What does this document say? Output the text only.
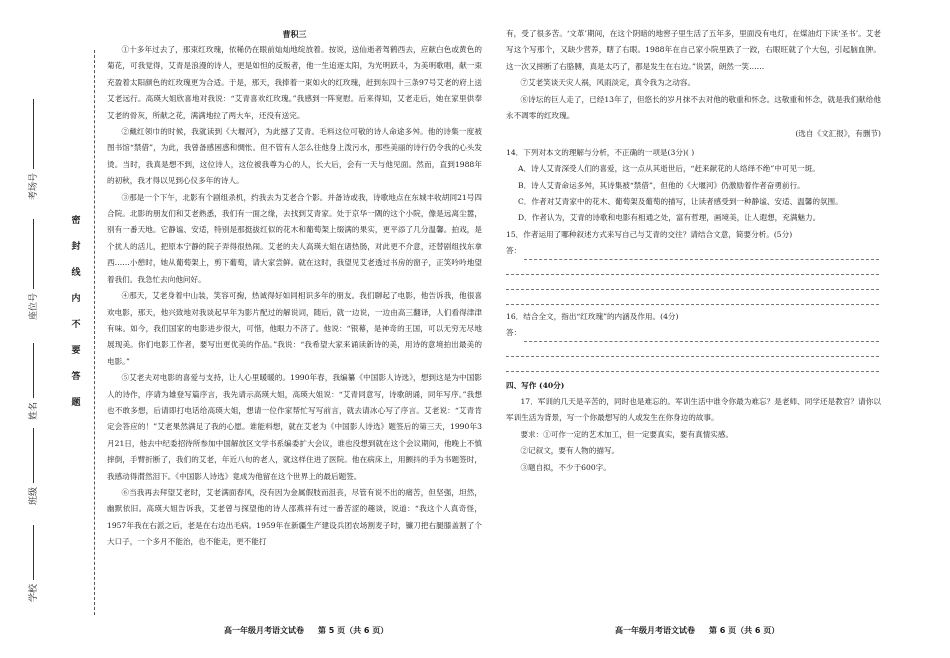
考场号
座位号
姓名
班级
学校
密
封
线
内
不
要
答
题
曹积三

①十多年过去了，那束红玫瑰，依稀仍在眼前灿灿地绽放着。按说，送仙逝者驾鹤西去，应献白色或黄色的菊花，可我觉得，艾青是浪漫的诗人，更是如怛的反叛者，他一生追逐太阳，为光明跃斗，为美明歌唱，献一束充盈着太阳颜色的红玫瑰更为合适。于是，那天，我捧着一束如火的红玫瑰，赶到东四十三条97号艾老的府上送艾老远行。高瑛大姐欣喜地对我说：“艾青喜欢红玫瑰。”我感到一阵宽慰。后来得知，艾老走后，她在家里供奉艾老的骨灰，所献之花，满满地拉了两大车，还没有送完。

②戴红领巾的时候，我就读到《大堰河》，为此撼了艾青。毛料这位可敬的诗人命途多舛。他的诗集一度被图书馆“禁借”，为此，我曾备感困惑和惆怅。但不管有人怎么往他身上泼污水，那些美丽的诗行仍令我的心头发烫。当时，我真是想不到，这位诗人，这位被我尊为心的人，长大后，会有一天与他见面。然而，直到1988年的初秋，我才得以见到心仪多年的诗人。

③那是一个下午，北影有个剧组杀机，约我去为艾老合个影。并备诗或我，诗歌地点在东城丰收胡同21号四合院。北影的朋友们和艾老熟悉，我们有一面之缘，去找到艾青家。处于京华一隅的这个小院，像是远离尘嚣，别有一番天地。它静谧、安适，特别是那挺拔红似的花木和葡萄架上缀满的果实，更平添了几分温馨。拍戏，是个扰人的活儿，把原本宁静的院子弄得很热闹。艾老的夫人高瑛大姐在诸热肠，对此更不介意，还替剧组找东拿西……小憩时，她从葡萄架上，剪下葡萄，请大家尝鲜。就在这时，我望见艾老透过书房的窗子，正笑吟吟地望着我们。我急忙去向他问好。

④那天，艾老身着中山装，笑容可掬，热诚得好如同相识多年的朋友。我们聊起了电影，他告诉我，他很喜欢电影，那天，他兴致地对我谈起早年为影片配过的解说词，随后，就一边说，一边由高三翻译，人们看得津津有味。如今，我们国家的电影进步很大，可惜，他眼力不济了。他说：“银幕，是神奇的王国，可以无穷无尽地展现美。你们电影工作者，要写出更优美的作品。”我说：“我希望大家来诵读新诗的美，用诗的意境拍出最美的电影。”

⑤艾老夫对电影的喜爱与支持，让人心里暖暖的。1990年春，我编纂《中国影人诗选》，想到这是为中国影人的诗作，序请为雄登写篇序言，我先请示高瑛大姐，高瑛大姐说：“艾青同意写，诗歌朗诵，同年写序。”我想也不敢多想，后请即打电话给高瑛大姐，想请一位作家帮忙写写前言，就去请冰心写了序言。艾老说：“艾青肯定会答应的！”艾老果然满足了我的心愿。谁能料想，就在艾老为《中国影人诗选》题签后的第三天，1990年3月21日，他去中纪委招待所参加中国解放区文学书系编委扩大会议，谁也没想到就在这个会议期间，他晚上不慎摔倒，手臂折断了，我们的艾老，年近八旬的老人，就这样住进了医院。他在病床上，用颤抖的手为书题签时，我感动得潸然泪下。《中国影人诗选》竟成为他留在这个世界上的最后题签。

⑥当我再去拜望艾老时，艾老满面春风，没有因为金属假肢而沮丧，尽管有说不出的痛苦，但坚强，坦然，幽默依旧。高瑛大姐告诉我，艾老曾与探望他的诗人邵燕祥有过一番苦涩的趣谈，说道：“我这个人真奇怪，1957年我在右派之后，老是在右边出毛病。1959年在新疆生产建设兵团农场割麦子时，镰刀把右腿膝盖割了个大口子，一个多月不能治，也不能走，更不能打

高一年级月考语文试卷 第 5 页（共 6 页）

有，受了很多苦。‘文革’期间，在这个阴暗的地窖子里生活了五年多，里面没有电灯，在煤油灯下读‘圣书’。艾老写这个写那个，又缺少营养，瞎了右眼。1988年在自己家小院里跌了一跤，右眼旺就了个大包，引起脑血肿。这一次又摔断了右胳膊，真是太巧了，都是发生在右边。”说罢，朗然一笑……

⑦艾老笑谈天灾人祸，风雨淡定，真令我为之动容。

⑧诗坛的巨人走了，已经13年了，但悠长的岁月抹不去对他的敬重和怀念。这敬重和怀念，就是我们献给他永不凋零的红玫瑰。

(选自《文汇报》，有删节)

14．下列对本文的理解与分析，不正确的一项是(3分)( )

A．诗人艾青深受人们的喜爱，这一点从其逝世后，“赶来献花的人络绎不绝”中可见一斑。

B．诗人艾青命运多舛，其诗集被“禁借”，但他的《大堰河》仍激励着作者奋勇前行。

C．作者对艾青家中的花木、葡萄架及葡萄的描写，让读者感受到一种静谧、安适、温馨的氛围。

D．作者认为，艾青的诗歌和电影有相通之处，富有哲理，画境美，让人遐想，充满魅力。

15．作者运用了哪种叙述方式来写自己与艾青的交往？请结合文意，简要分析。(5分)

答：

16．结合全文，指出“红玫瑰”的内涵及作用。(4分)

答：

四、写作 (40分)

17．军训的几天是辛苦的，同时也是难忘的。军训生活中谁令你最为难忘？是老师、同学还是教官？请你以军训生活为背景，写一个你最想写的人或发生在你身边的故事。

要求：①可作一定的艺术加工，但一定要真实，要有真情实感。

②记叙文，要有人物的描写。

③题自拟，不少于600字。

高一年级月考语文试卷 第 6 页（共 6 页）
